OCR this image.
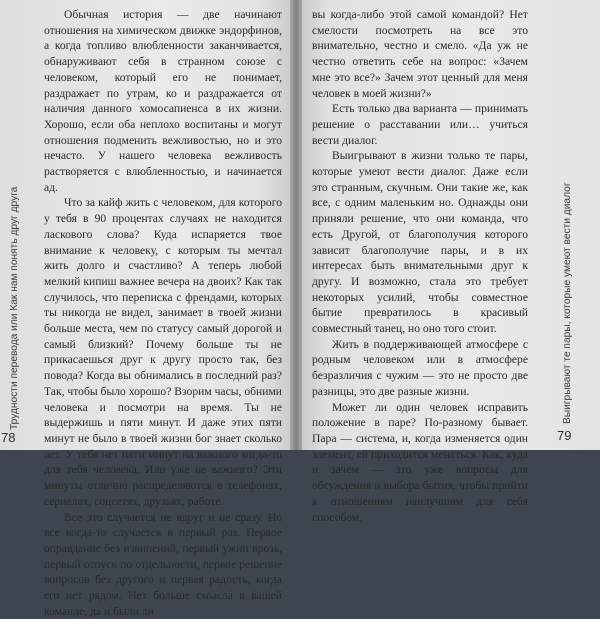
Обычная история — две начинают отношения на химическом движке эндорфинов, а когда топливо влюбленности заканчивается, обнаруживают себя в странном союзе с человеком, который его не понимает, раздражает по утрам, ко и раздражается от наличия данного хомосапиенса в их жизни. Хорошо, если оба неплохо воспитаны и могут отношения подменить вежливостью, но и это нечасто. У нашего человека вежливость растворяется с влюбленностью, и начинается ад.

Что за кайф жить с человеком, для которого у тебя в 90 процентах случаях не находится ласкового слова? Куда испаряется твое внимание к человеку, с которым ты мечтал жить долго и счастливо? А теперь любой мелкий кипиш важнее вечера на двоих? Как так случилось, что переписка с френдами, которых ты никогда не видел, занимает в твоей жизни больше места, чем по статусу самый дорогой и самый близкий? Почему больше ты не прикасаешься друг к другу просто так, без повода? Когда вы обнимались в последний раз? Так, чтобы было хорошо? Взорим часы, обними человека и посмотри на время. Ты не выдержишь и пяти минут. И даже этих пяти минут не было в твоей жизни бог знает сколько лет. У тебя нет пяти минут на важного когда-то для тебя человека. Или уже не важного? Эти минуты отлично распределяются в телефонах, сериалах, соцсетях, друзьях, работе.

Все это случается не вдруг и не сразу. Но все когда-то случается в первый раз. Первое оправдание без извинений, первый ужин врозь, первый отпуск по отдельности, первое решение вопросов без другого и первая радость, когда его нет рядом. Нет больше смысла в вашей команде, да и были ли

вы когда-либо этой самой командой? Нет смелости посмотреть на все это внимательно, честно и смело. «Да уж не честно ответить себе на вопрос: «Зачем мне это все?» Зачем этот ценный для меня человек в моей жизни?»

Есть только два варианта — принимать решение о расставании или… учиться вести диалог.

Выигрывают в жизни только те пары, которые умеют вести диалог. Даже если это странным, скучным. Они такие же, как все, с одним маленьким но. Однажды они приняли решение, что они команда, что есть Другой, от благополучия которого зависит благополучие пары, и в их интересах быть внимательными друг к другу. И возможно, стала это требует некоторых усилий, чтобы совместное бытие превратилось в красивый совместный танец, но оно того стоит.

Жить в поддерживающей атмосфере с родным человеком или в атмосфере безразличия с чужим — это не просто две разницы, это две разные жизни.

Может ли один человек исправить положение в паре? По-разному бывает. Пара — система, и, когда изменяется один элемент, ей приходится меняться. Как, куда и зачем — это уже вопросы для обсуждения и выбора бытия, чтобы прийти к отношениям наилучшим для себя способом.

Трудности перевода или Как нам понять друг друга	Выигрывают те пары, которые умеют вести диалог
78	79
